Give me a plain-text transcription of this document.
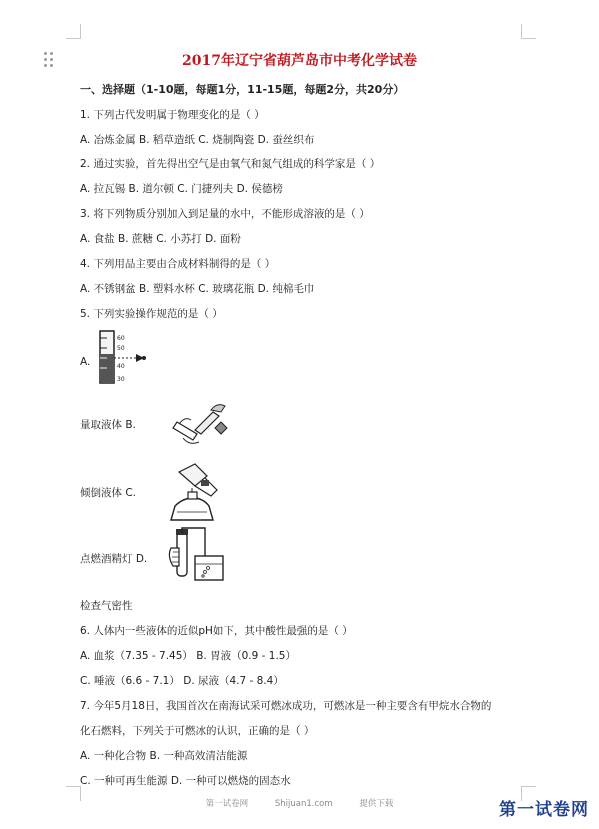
2017年辽宁省葫芦岛市中考化学试卷
一、选择题（1-10题，每题1分，11-15题，每题2分，共20分）
1. 下列古代发明属于物理变化的是（ ）
A. 冶炼金属 B. 稻草造纸 C. 烧制陶瓷 D. 蚕丝织布
2. 通过实验，首先得出空气是由氧气和氮气组成的科学家是（ ）
A. 拉瓦锡 B. 道尔顿 C. 门捷列夫 D. 侯德榜
3. 将下列物质分别加入到足量的水中，不能形成溶液的是（ ）
A. 食盐 B. 蔗糖 C. 小苏打 D. 面粉
4. 下列用品主要由合成材料制得的是（ ）
A. 不锈钢盆 B. 塑料水杯 C. 玻璃花瓶 D. 纯棉毛巾
5. 下列实验操作规范的是（ ）
A.
60
50
40
30
量取液体 B.
倾倒液体 C.
点燃酒精灯 D.
检查气密性
6. 人体内一些液体的近似pH如下，其中酸性最强的是（ ）
A. 血浆（7.35 - 7.45） B. 胃液（0.9 - 1.5）
C. 唾液（6.6 - 7.1） D. 尿液（4.7 - 8.4）
7. 今年5月18日，我国首次在南海试采可燃冰成功，可燃冰是一种主要含有甲烷水合物的
化石燃料，下列关于可燃冰的认识，正确的是（ ）
A. 一种化合物 B. 一种高效清洁能源
C. 一种可再生能源 D. 一种可以燃烧的固态水
第一试卷网	Shijuan1.com	提供下载	第一试卷网
